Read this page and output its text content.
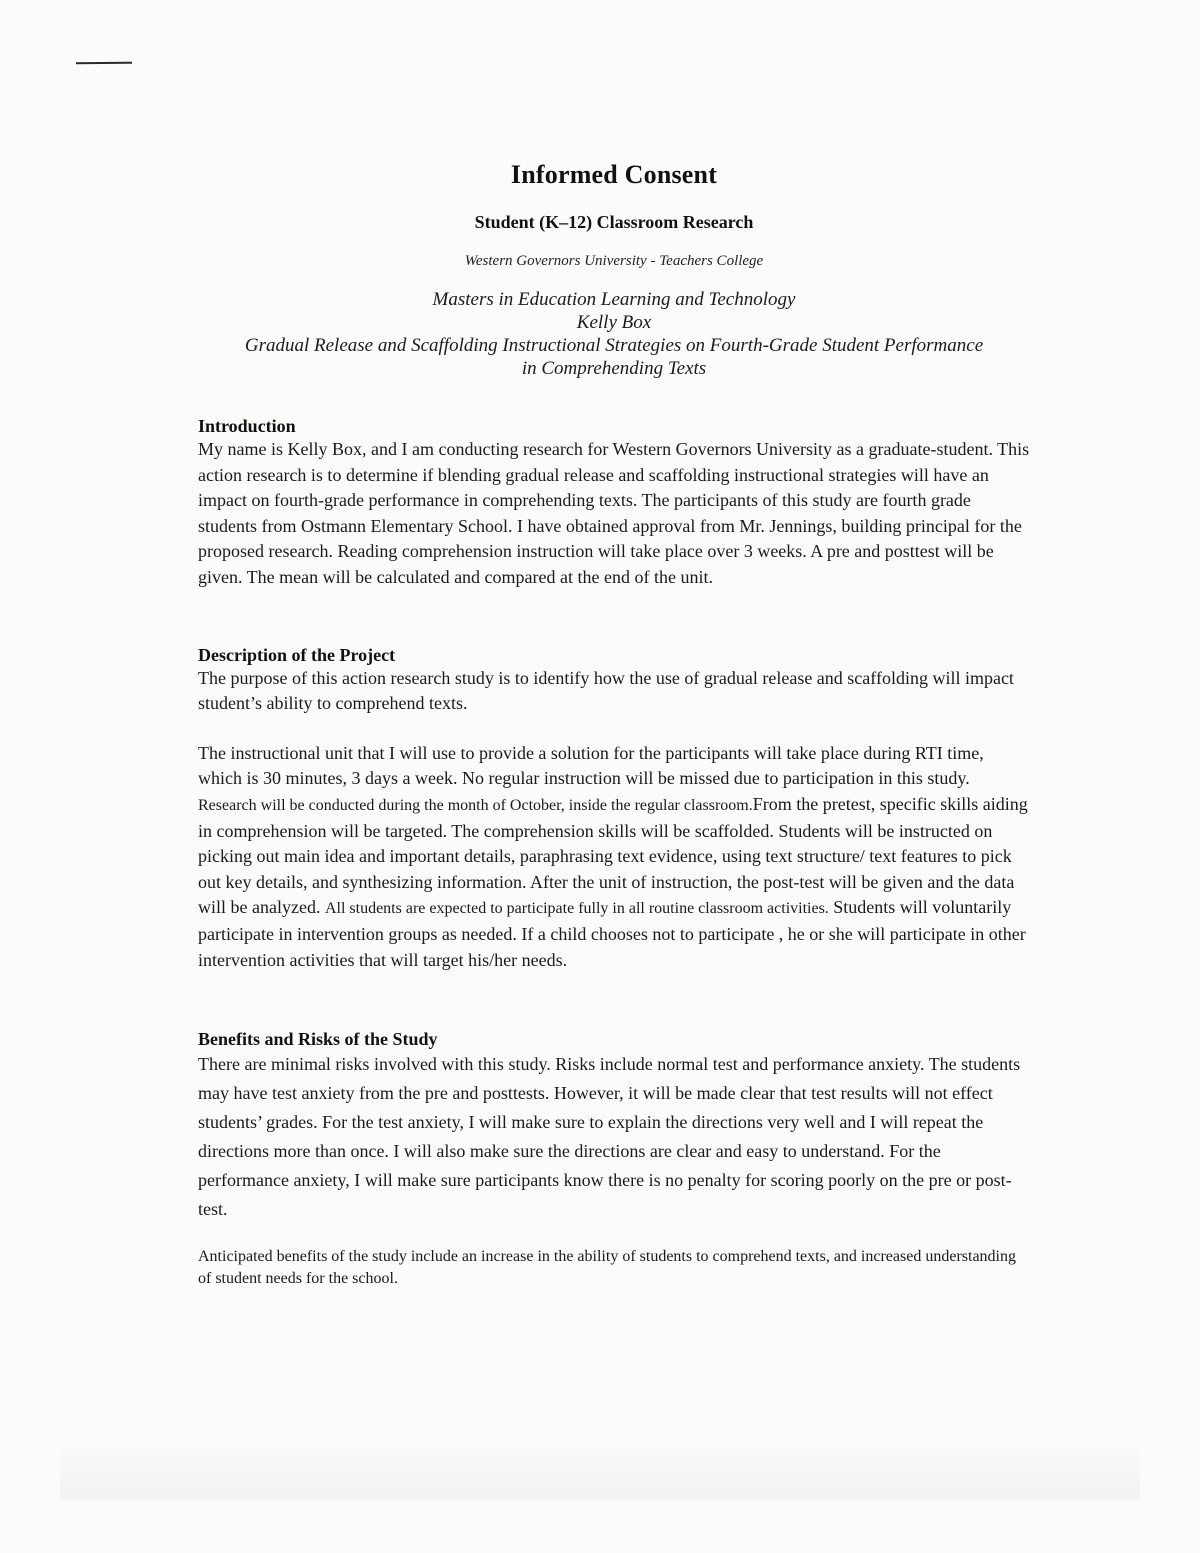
Informed Consent
Student (K–12) Classroom Research
Western Governors University - Teachers College
Masters in Education Learning and Technology
Kelly Box
Gradual Release and Scaffolding Instructional Strategies on Fourth-Grade Student Performance
in Comprehending Texts
Introduction

My name is Kelly Box, and I am conducting research for Western Governors University as a graduate-student. This action research is to determine if blending gradual release and scaffolding instructional strategies will have an impact on fourth-grade performance in comprehending texts. The participants of this study are fourth grade students from Ostmann Elementary School. I have obtained approval from Mr. Jennings, building principal for the proposed research. Reading comprehension instruction will take place over 3 weeks. A pre and posttest will be given. The mean will be calculated and compared at the end of the unit.

Description of the Project

The purpose of this action research study is to identify how the use of gradual release and scaffolding will impact student’s ability to comprehend texts.

The instructional unit that I will use to provide a solution for the participants will take place during RTI time, which is 30 minutes, 3 days a week. No regular instruction will be missed due to participation in this study. Research will be conducted during the month of October, inside the regular classroom.From the pretest, specific skills aiding in comprehension will be targeted. The comprehension skills will be scaffolded. Students will be instructed on picking out main idea and important details, paraphrasing text evidence, using text structure/ text features to pick out key details, and synthesizing information. After the unit of instruction, the post-test will be given and the data will be analyzed. All students are expected to participate fully in all routine classroom activities. Students will voluntarily participate in intervention groups as needed. If a child chooses not to participate , he or she will participate in other intervention activities that will target his/her needs.

Benefits and Risks of the Study

There are minimal risks involved with this study. Risks include normal test and performance anxiety. The students may have test anxiety from the pre and posttests. However, it will be made clear that test results will not effect students’ grades. For the test anxiety, I will make sure to explain the directions very well and I will repeat the directions more than once. I will also make sure the directions are clear and easy to understand. For the performance anxiety, I will make sure participants know there is no penalty for scoring poorly on the pre or post-test.

Anticipated benefits of the study include an increase in the ability of students to comprehend texts, and increased understanding of student needs for the school.
